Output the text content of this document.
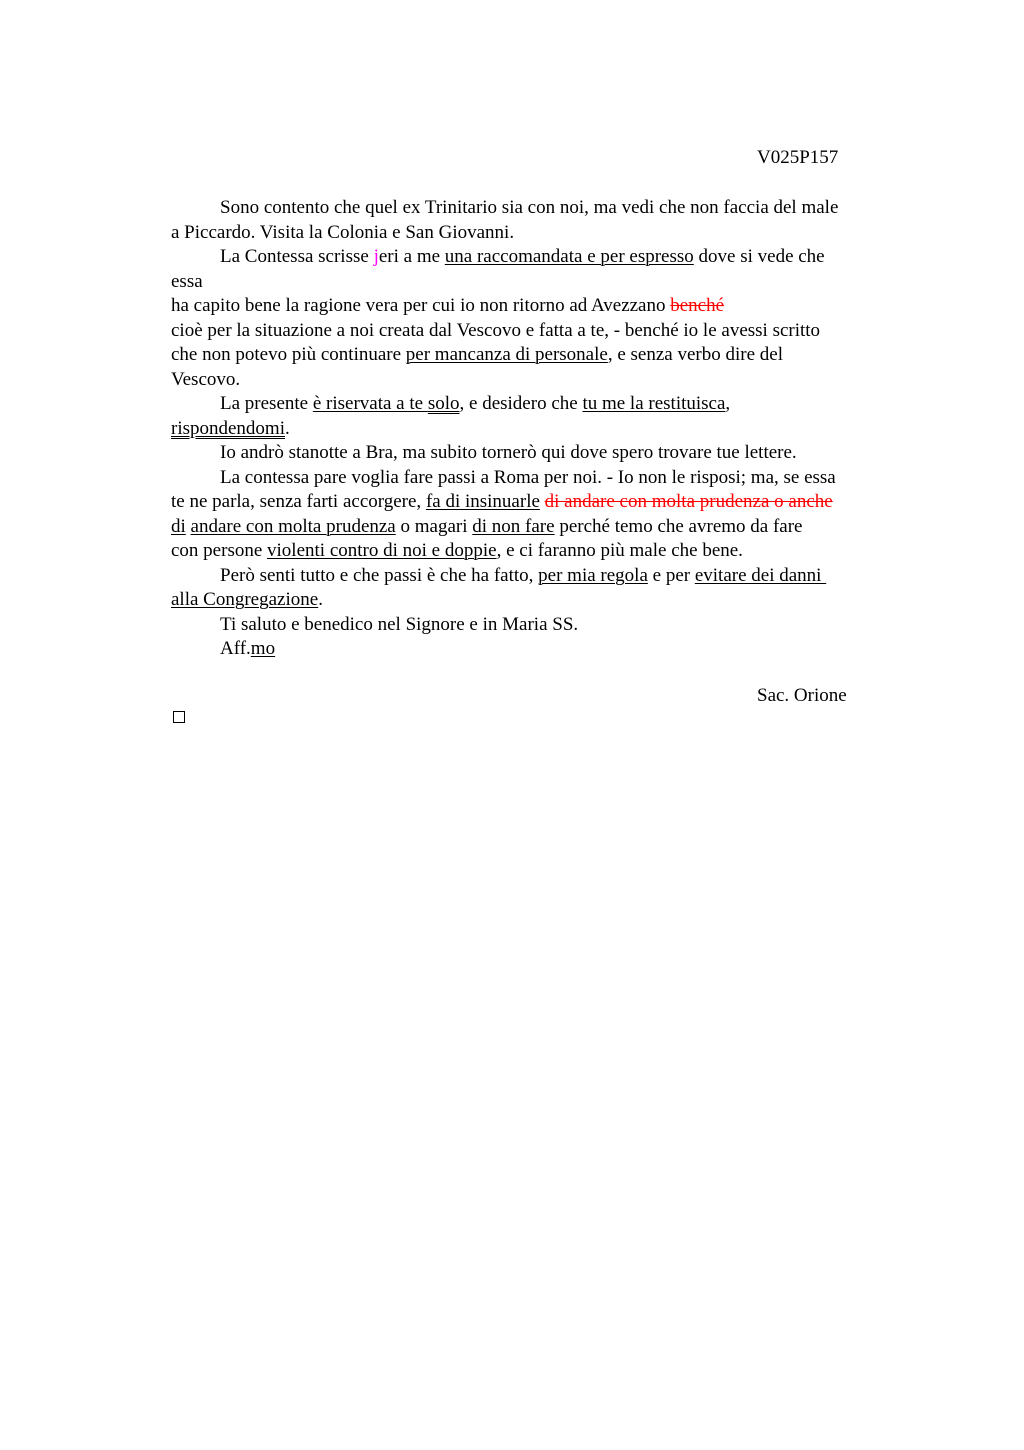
V025P157
Sono contento che quel ex Trinitario sia con noi, ma vedi che non faccia del male
a Piccardo. Visita la Colonia e San Giovanni.
La Contessa scrisse jeri a me una raccomandata e per espresso dove si vede che
essa
ha capito bene la ragione vera per cui io non ritorno ad Avezzano benché
cioè per la situazione a noi creata dal Vescovo e fatta a te, - benché io le avessi scritto
che non potevo più continuare per mancanza di personale, e senza verbo dire del
Vescovo.
La presente è riservata a te solo, e desidero che tu me la restituisca,
rispondendomi.
Io andrò stanotte a Bra, ma subito tornerò qui dove spero trovare tue lettere.
La contessa pare voglia fare passi a Roma per noi. - Io non le risposi; ma, se essa
te ne parla, senza farti accorgere, fa di insinuarle di andare con molta prudenza o anche
di andare con molta prudenza o magari di non fare perché temo che avremo da fare
con persone violenti contro di noi e doppie, e ci faranno più male che bene.
Però senti tutto e che passi è che ha fatto, per mia regola e per evitare dei danni
alla Congregazione.
Ti saluto e benedico nel Signore e in Maria SS.
Aff.mo
Sac. Orione
